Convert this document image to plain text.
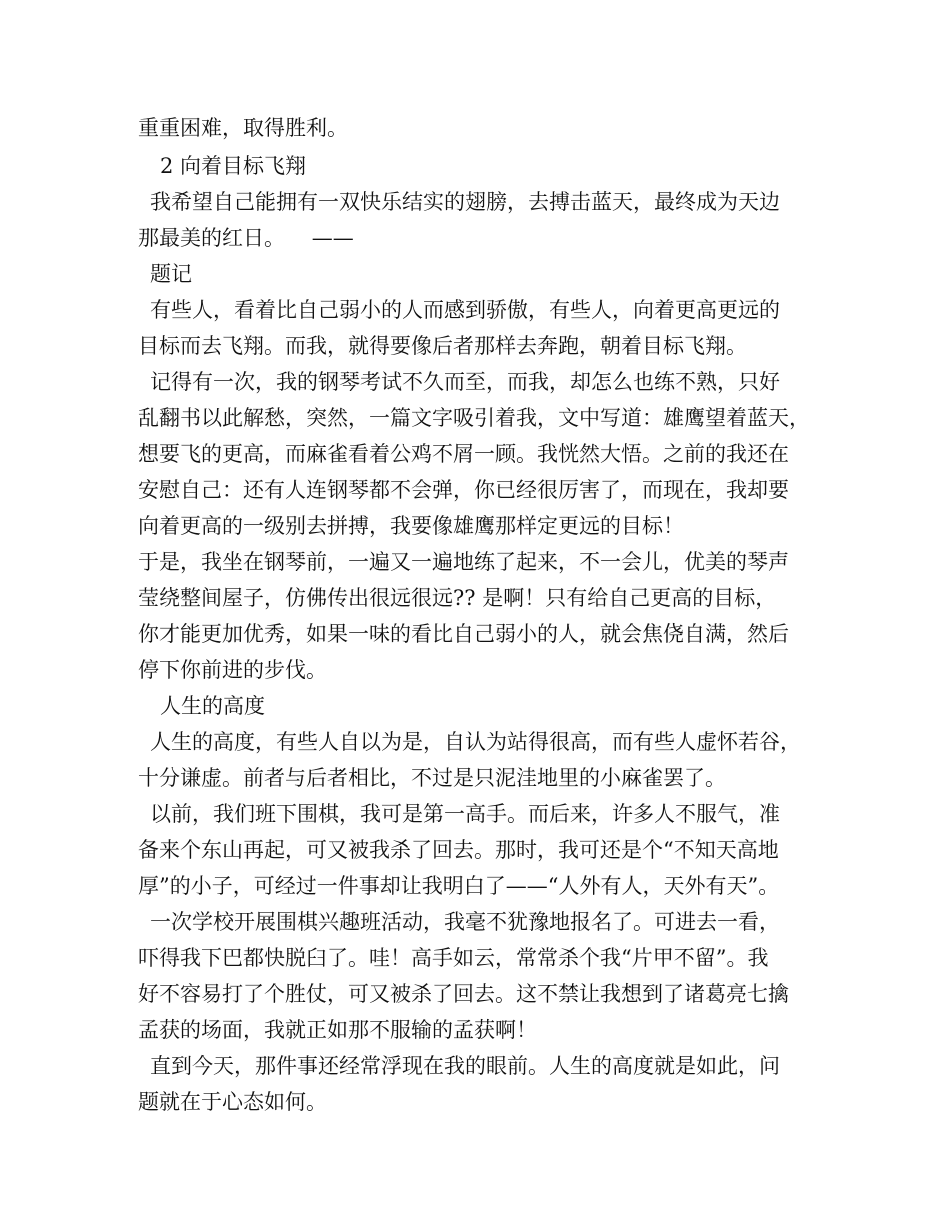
重重困难，取得胜利。
2 向着目标飞翔
我希望自己能拥有一双快乐结实的翅膀，去搏击蓝天，最终成为天边
那最美的红日。    ——
题记
有些人，看着比自己弱小的人而感到骄傲，有些人，向着更高更远的
目标而去飞翔。而我，就得要像后者那样去奔跑，朝着目标飞翔。
记得有一次，我的钢琴考试不久而至，而我，却怎么也练不熟，只好
乱翻书以此解愁，突然，一篇文字吸引着我，文中写道：雄鹰望着蓝天，
想要飞的更高，而麻雀看着公鸡不屑一顾。我恍然大悟。之前的我还在
安慰自己：还有人连钢琴都不会弹，你已经很厉害了，而现在，我却要
向着更高的一级别去拼搏，我要像雄鹰那样定更远的目标！
于是，我坐在钢琴前，一遍又一遍地练了起来，不一会儿，优美的琴声
莹绕整间屋子，仿佛传出很远很远?? 是啊！只有给自己更高的目标，
你才能更加优秀，如果一味的看比自己弱小的人，就会焦侥自满，然后
停下你前进的步伐。
人生的高度
人生的高度，有些人自以为是，自认为站得很高，而有些人虚怀若谷，
十分谦虚。前者与后者相比，不过是只泥洼地里的小麻雀罢了。
以前，我们班下围棋，我可是第一高手。而后来，许多人不服气，准
备来个东山再起，可又被我杀了回去。那时，我可还是个“不知天高地
厚”的小子，可经过一件事却让我明白了——“人外有人，天外有天”。
一次学校开展围棋兴趣班活动，我毫不犹豫地报名了。可进去一看，
吓得我下巴都快脱臼了。哇！高手如云，常常杀个我“片甲不留”。我
好不容易打了个胜仗，可又被杀了回去。这不禁让我想到了诸葛亮七擒
孟获的场面，我就正如那不服输的孟获啊！
直到今天，那件事还经常浮现在我的眼前。人生的高度就是如此，问
题就在于心态如何。
